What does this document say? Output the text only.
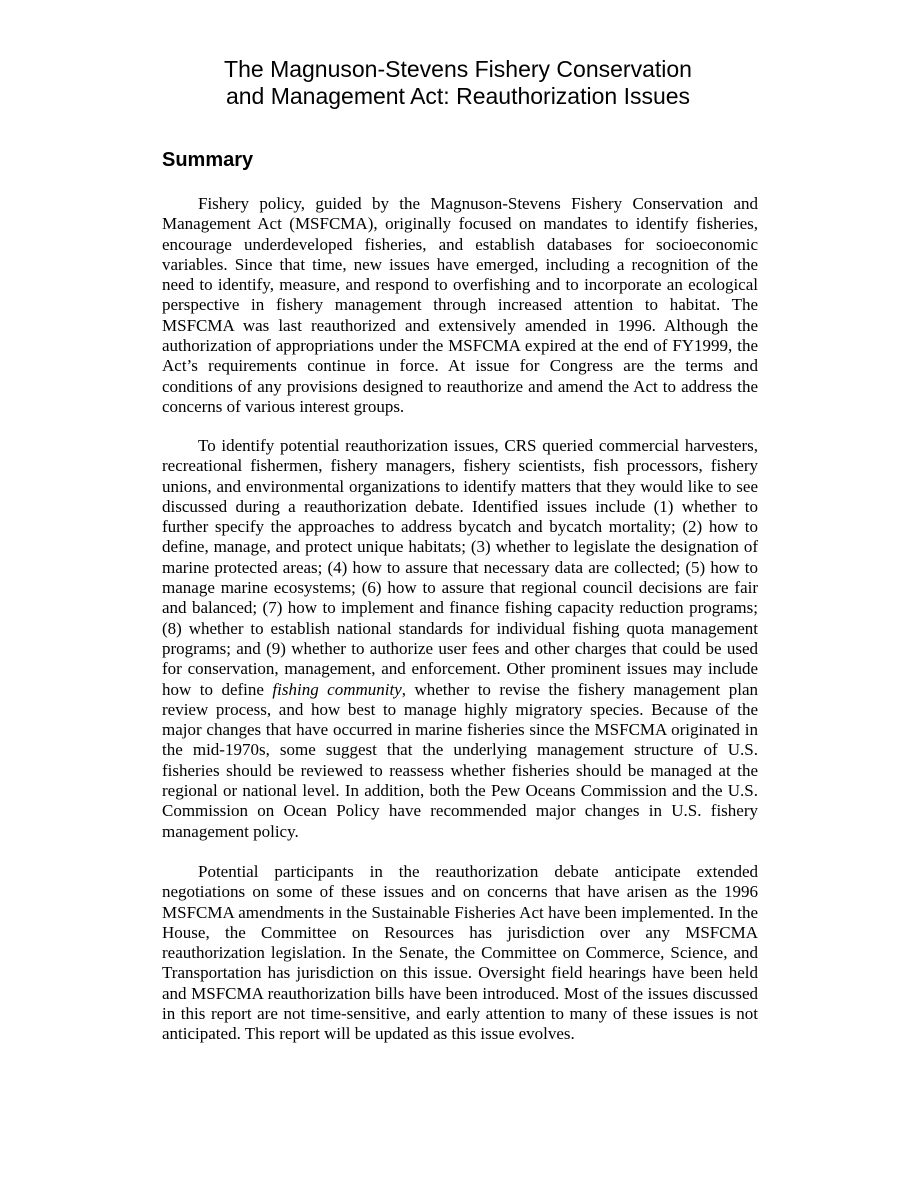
The Magnuson-Stevens Fishery Conservation
and Management Act: Reauthorization Issues
Summary

Fishery policy, guided by the Magnuson-Stevens Fishery Conservation and Management Act (MSFCMA), originally focused on mandates to identify fisheries, encourage underdeveloped fisheries, and establish databases for socioeconomic variables. Since that time, new issues have emerged, including a recognition of the need to identify, measure, and respond to overfishing and to incorporate an ecological perspective in fishery management through increased attention to habitat. The MSFCMA was last reauthorized and extensively amended in 1996. Although the authorization of appropriations under the MSFCMA expired at the end of FY1999, the Act’s requirements continue in force. At issue for Congress are the terms and conditions of any provisions designed to reauthorize and amend the Act to address the concerns of various interest groups.

To identify potential reauthorization issues, CRS queried commercial harvesters, recreational fishermen, fishery managers, fishery scientists, fish processors, fishery unions, and environmental organizations to identify matters that they would like to see discussed during a reauthorization debate. Identified issues include (1) whether to further specify the approaches to address bycatch and bycatch mortality; (2) how to define, manage, and protect unique habitats; (3) whether to legislate the designation of marine protected areas; (4) how to assure that necessary data are collected; (5) how to manage marine ecosystems; (6) how to assure that regional council decisions are fair and balanced; (7) how to implement and finance fishing capacity reduction programs; (8) whether to establish national standards for individual fishing quota management programs; and (9) whether to authorize user fees and other charges that could be used for conservation, management, and enforcement. Other prominent issues may include how to define fishing community, whether to revise the fishery management plan review process, and how best to manage highly migratory species. Because of the major changes that have occurred in marine fisheries since the MSFCMA originated in the mid-1970s, some suggest that the underlying management structure of U.S. fisheries should be reviewed to reassess whether fisheries should be managed at the regional or national level. In addition, both the Pew Oceans Commission and the U.S. Commission on Ocean Policy have recommended major changes in U.S. fishery management policy.

Potential participants in the reauthorization debate anticipate extended negotiations on some of these issues and on concerns that have arisen as the 1996 MSFCMA amendments in the Sustainable Fisheries Act have been implemented. In the House, the Committee on Resources has jurisdiction over any MSFCMA reauthorization legislation. In the Senate, the Committee on Commerce, Science, and Transportation has jurisdiction on this issue. Oversight field hearings have been held and MSFCMA reauthorization bills have been introduced. Most of the issues discussed in this report are not time-sensitive, and early attention to many of these issues is not anticipated. This report will be updated as this issue evolves.
